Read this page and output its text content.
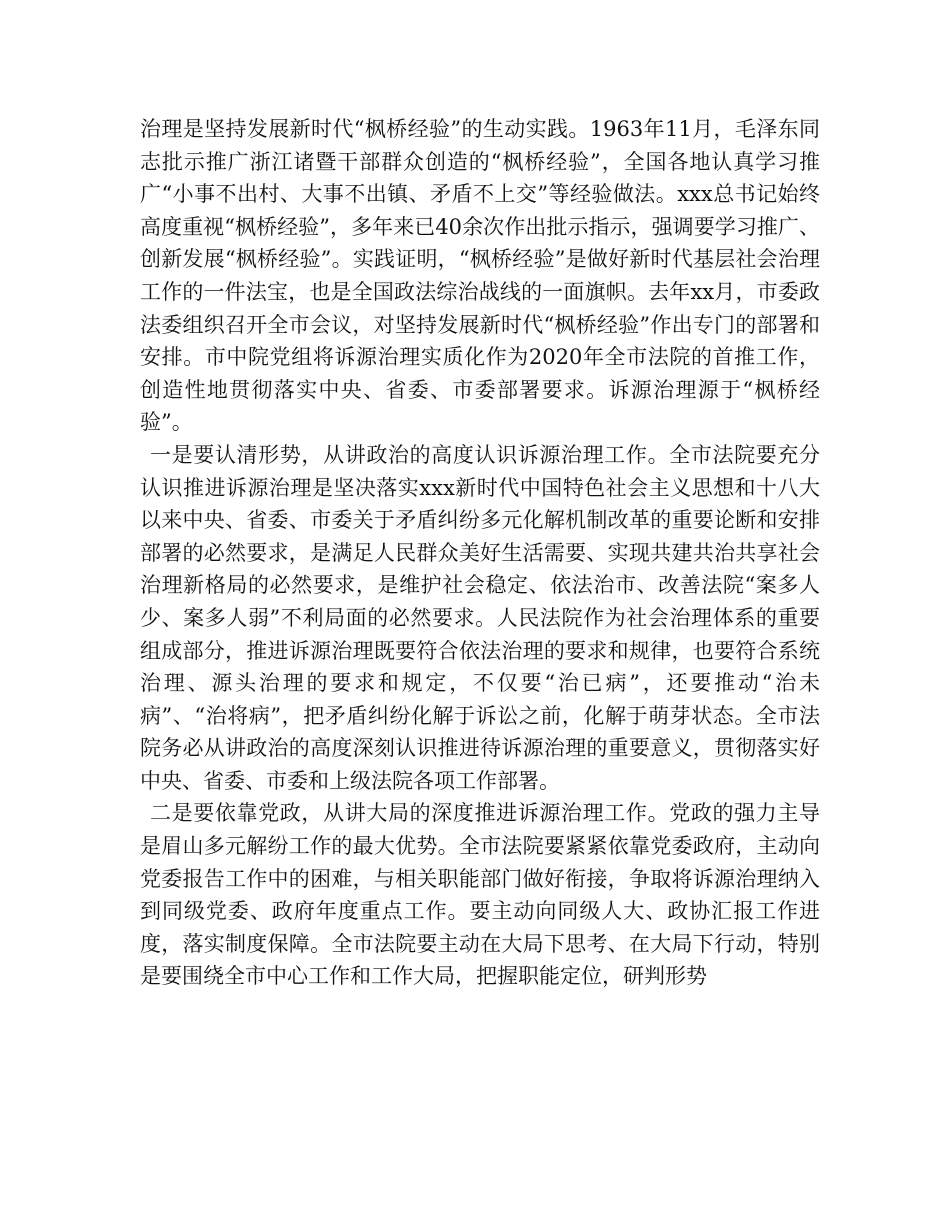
治理是坚持发展新时代“枫桥经验”的生动实践。1963年11月，毛泽东同志批示推广浙江诸暨干部群众创造的“枫桥经验”，全国各地认真学习推广“小事不出村、大事不出镇、矛盾不上交”等经验做法。xxx总书记始终高度重视“枫桥经验”，多年来已40余次作出批示指示，强调要学习推广、创新发展“枫桥经验”。实践证明，“枫桥经验”是做好新时代基层社会治理工作的一件法宝，也是全国政法综治战线的一面旗帜。去年xx月，市委政法委组织召开全市会议，对坚持发展新时代“枫桥经验”作出专门的部署和安排。市中院党组将诉源治理实质化作为2020年全市法院的首推工作，创造性地贯彻落实中央、省委、市委部署要求。诉源治理源于“枫桥经验”。

一是要认清形势，从讲政治的高度认识诉源治理工作。全市法院要充分认识推进诉源治理是坚决落实xxx新时代中国特色社会主义思想和十八大以来中央、省委、市委关于矛盾纠纷多元化解机制改革的重要论断和安排部署的必然要求，是满足人民群众美好生活需要、实现共建共治共享社会治理新格局的必然要求，是维护社会稳定、依法治市、改善法院“案多人少、案多人弱”不利局面的必然要求。人民法院作为社会治理体系的重要组成部分，推进诉源治理既要符合依法治理的要求和规律，也要符合系统治理、源头治理的要求和规定，不仅要“治已病”，还要推动“治未病”、“治将病”，把矛盾纠纷化解于诉讼之前，化解于萌芽状态。全市法院务必从讲政治的高度深刻认识推进待诉源治理的重要意义，贯彻落实好中央、省委、市委和上级法院各项工作部署。

二是要依靠党政，从讲大局的深度推进诉源治理工作。党政的强力主导是眉山多元解纷工作的最大优势。全市法院要紧紧依靠党委政府，主动向党委报告工作中的困难，与相关职能部门做好衔接，争取将诉源治理纳入到同级党委、政府年度重点工作。要主动向同级人大、政协汇报工作进度，落实制度保障。全市法院要主动在大局下思考、在大局下行动，特别是要围绕全市中心工作和工作大局，把握职能定位，研判形势
